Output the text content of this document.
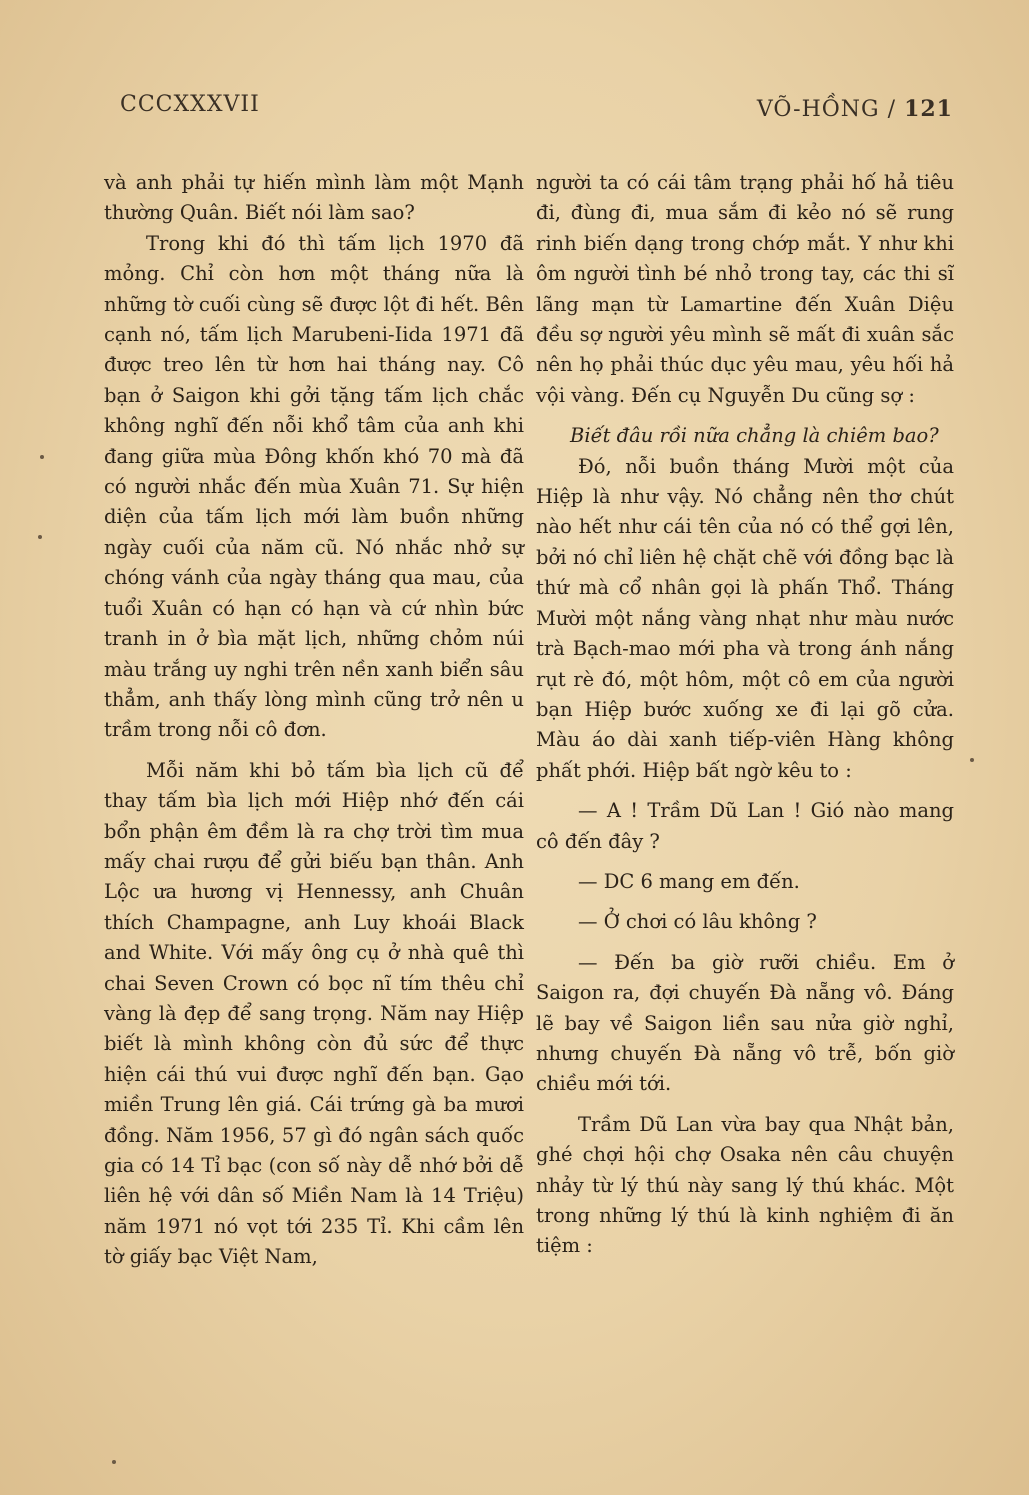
CCCXXXVII	VÕ-HỒNG / 121

và anh phải tự hiến mình làm một Mạnh thường Quân. Biết nói làm sao?

Trong khi đó thì tấm lịch 1970 đã mỏng. Chỉ còn hơn một tháng nữa là những tờ cuối cùng sẽ được lột đi hết. Bên cạnh nó, tấm lịch Marubeni-Iida 1971 đã được treo lên từ hơn hai tháng nay. Cô bạn ở Saigon khi gởi tặng tấm lịch chắc không nghĩ đến nỗi khổ tâm của anh khi đang giữa mùa Đông khốn khó 70 mà đã có người nhắc đến mùa Xuân 71. Sự hiện diện của tấm lịch mới làm buồn những ngày cuối của năm cũ. Nó nhắc nhở sự chóng vánh của ngày tháng qua mau, của tuổi Xuân có hạn có hạn và cứ nhìn bức tranh in ở bìa mặt lịch, những chỏm núi màu trắng uy nghi trên nền xanh biển sâu thẳm, anh thấy lòng mình cũng trở nên u trầm trong nỗi cô đơn.

Mỗi năm khi bỏ tấm bìa lịch cũ để thay tấm bìa lịch mới Hiệp nhớ đến cái bổn phận êm đềm là ra chợ trời tìm mua mấy chai rượu để gửi biếu bạn thân. Anh Lộc ưa hương vị Hennessy, anh Chuân thích Champagne, anh Luy khoái Black and White. Với mấy ông cụ ở nhà quê thì chai Seven Crown có bọc nĩ tím thêu chỉ vàng là đẹp để sang trọng. Năm nay Hiệp biết là mình không còn đủ sức để thực hiện cái thú vui được nghĩ đến bạn. Gạo miền Trung lên giá. Cái trứng gà ba mươi đồng. Năm 1956, 57 gì đó ngân sách quốc gia có 14 Tỉ bạc (con số này dễ nhớ bởi dễ liên hệ với dân số Miền Nam là 14 Triệu) năm 1971 nó vọt tới 235 Tỉ. Khi cầm lên tờ giấy bạc Việt Nam,

người ta có cái tâm trạng phải hố hả tiêu đi, đùng đi, mua sắm đi kẻo nó sẽ rung rinh biến dạng trong chớp mắt. Y như khi ôm người tình bé nhỏ trong tay, các thi sĩ lãng mạn từ Lamartine đến Xuân Diệu đều sợ người yêu mình sẽ mất đi xuân sắc nên họ phải thúc dục yêu mau, yêu hối hả vội vàng. Đến cụ Nguyễn Du cũng sợ :

Biết đâu rồi nữa chẳng là chiêm bao?

Đó, nỗi buồn tháng Mười một của Hiệp là như vậy. Nó chẳng nên thơ chút nào hết như cái tên của nó có thể gợi lên, bởi nó chỉ liên hệ chặt chẽ với đồng bạc là thứ mà cổ nhân gọi là phấn Thổ. Tháng Mười một nắng vàng nhạt như màu nước trà Bạch-mao mới pha và trong ánh nắng rụt rè đó, một hôm, một cô em của người bạn Hiệp bước xuống xe đi lại gõ cửa. Màu áo dài xanh tiếp-viên Hàng không phất phới. Hiệp bất ngờ kêu to :

— A ! Trầm Dũ Lan ! Gió nào mang cô đến đây ?

— DC 6 mang em đến.

— Ở chơi có lâu không ?

— Đến ba giờ rưỡi chiều. Em ở Saigon ra, đợi chuyến Đà nẵng vô. Đáng lẽ bay về Saigon liền sau nửa giờ nghỉ, nhưng chuyến Đà nẵng vô trễ, bốn giờ chiều mới tới.

Trầm Dũ Lan vừa bay qua Nhật bản, ghé chợi hội chợ Osaka nên câu chuyện nhảy từ lý thú này sang lý thú khác. Một trong những lý thú là kinh nghiệm đi ăn tiệm :
